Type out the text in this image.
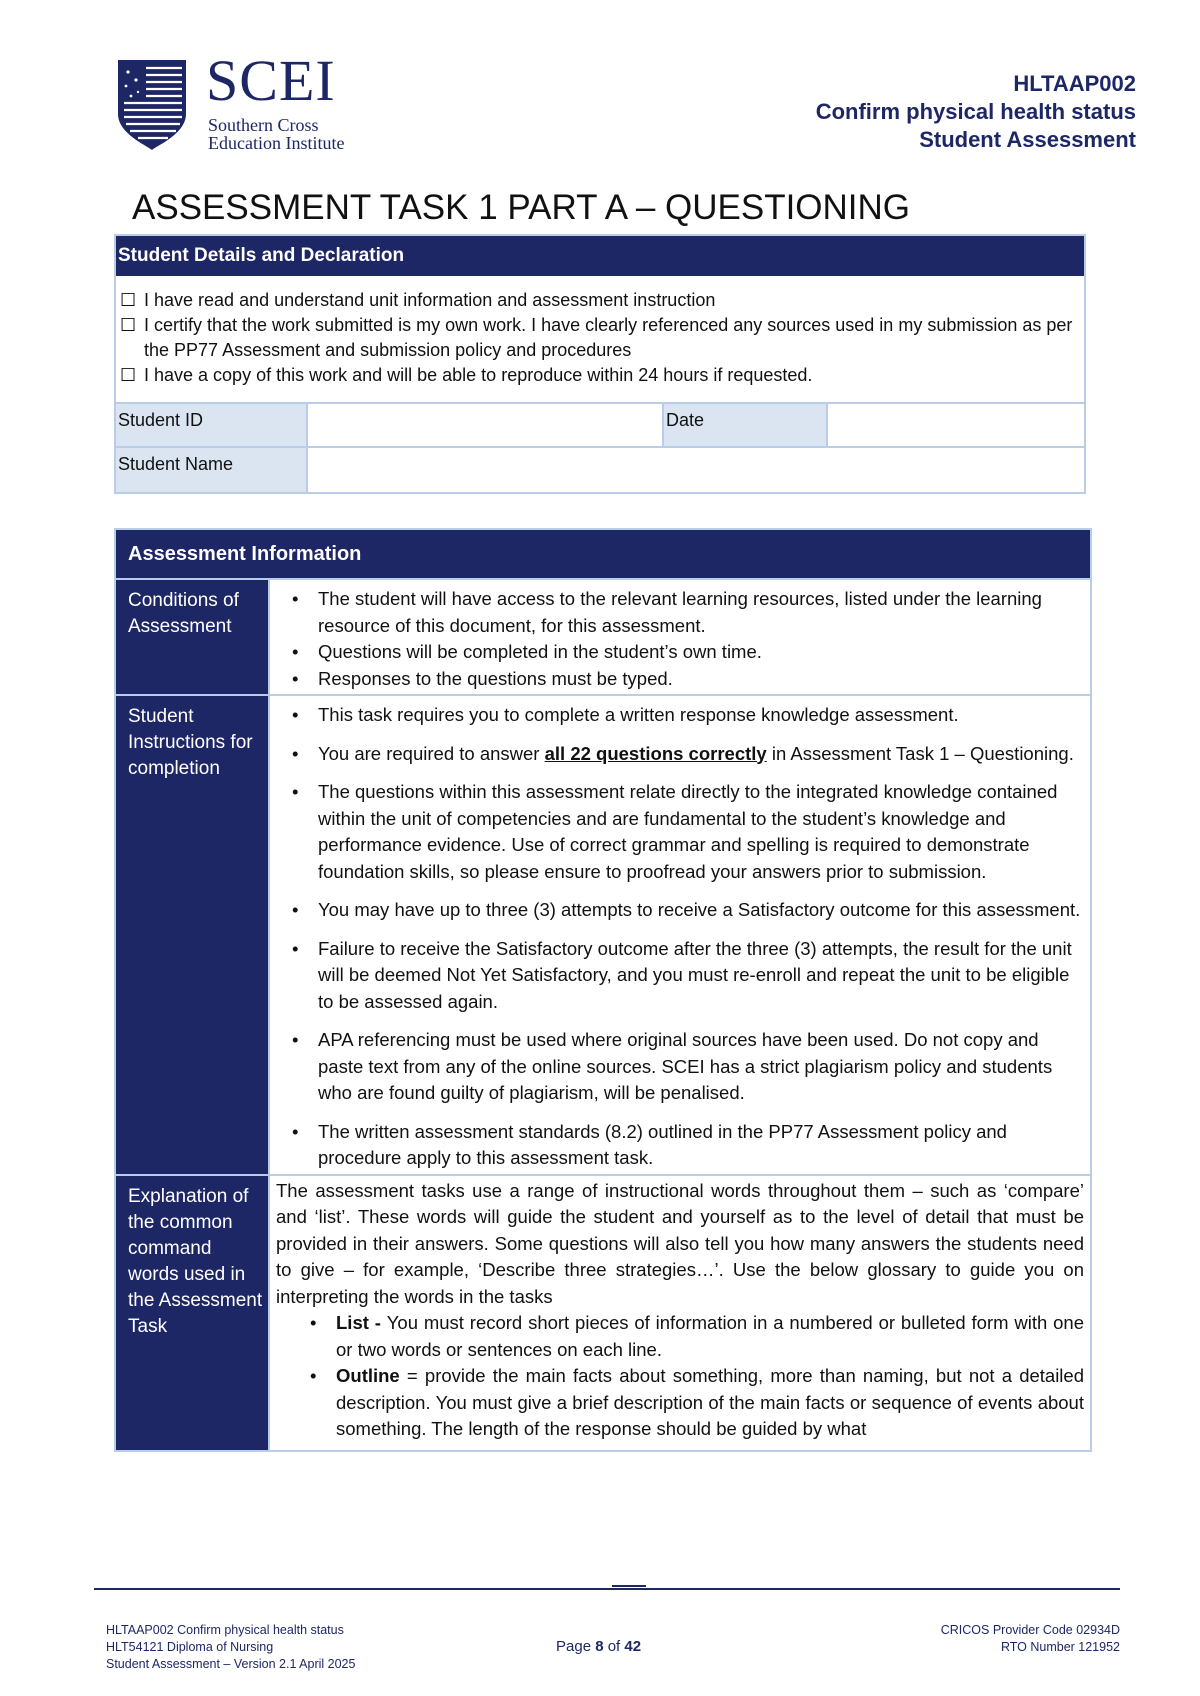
SCEI
Southern Cross
Education Institute
HLTAAP002
Confirm physical health status
Student Assessment
ASSESSMENT TASK 1 PART A – QUESTIONING
Student Details and Declaration
☐ I have read and understand unit information and assessment instruction
☐ I certify that the work submitted is my own work. I have clearly referenced any sources used in my submission as per the PP77 Assessment and submission policy and procedures
☐ I have a copy of this work and will be able to reproduce within 24 hours if requested.
Student ID	Date
Student Name
Assessment Information
Conditions of Assessment
• The student will have access to the relevant learning resources, listed under the learning resource of this document, for this assessment.
• Questions will be completed in the student’s own time.
• Responses to the questions must be typed.
Student Instructions for completion
• This task requires you to complete a written response knowledge assessment.
• You are required to answer all 22 questions correctly in Assessment Task 1 – Questioning.
• The questions within this assessment relate directly to the integrated knowledge contained within the unit of competencies and are fundamental to the student’s knowledge and performance evidence. Use of correct grammar and spelling is required to demonstrate foundation skills, so please ensure to proofread your answers prior to submission.
• You may have up to three (3) attempts to receive a Satisfactory outcome for this assessment.
• Failure to receive the Satisfactory outcome after the three (3) attempts, the result for the unit will be deemed Not Yet Satisfactory, and you must re-enroll and repeat the unit to be eligible to be assessed again.
• APA referencing must be used where original sources have been used. Do not copy and paste text from any of the online sources. SCEI has a strict plagiarism policy and students who are found guilty of plagiarism, will be penalised.
• The written assessment standards (8.2) outlined in the PP77 Assessment policy and procedure apply to this assessment task.
Explanation of the common command words used in the Assessment Task
The assessment tasks use a range of instructional words throughout them – such as ‘compare’ and ‘list’. These words will guide the student and yourself as to the level of detail that must be provided in their answers. Some questions will also tell you how many answers the students need to give – for example, ‘Describe three strategies…’. Use the below glossary to guide you on interpreting the words in the tasks
• List - You must record short pieces of information in a numbered or bulleted form with one or two words or sentences on each line.
• Outline = provide the main facts about something, more than naming, but not a detailed description. You must give a brief description of the main facts or sequence of events about something. The length of the response should be guided by what
HLTAAP002 Confirm physical health status
HLT54121 Diploma of Nursing
Student Assessment – Version 2.1 April 2025
Page 8 of 42
CRICOS Provider Code 02934D
RTO Number 121952
